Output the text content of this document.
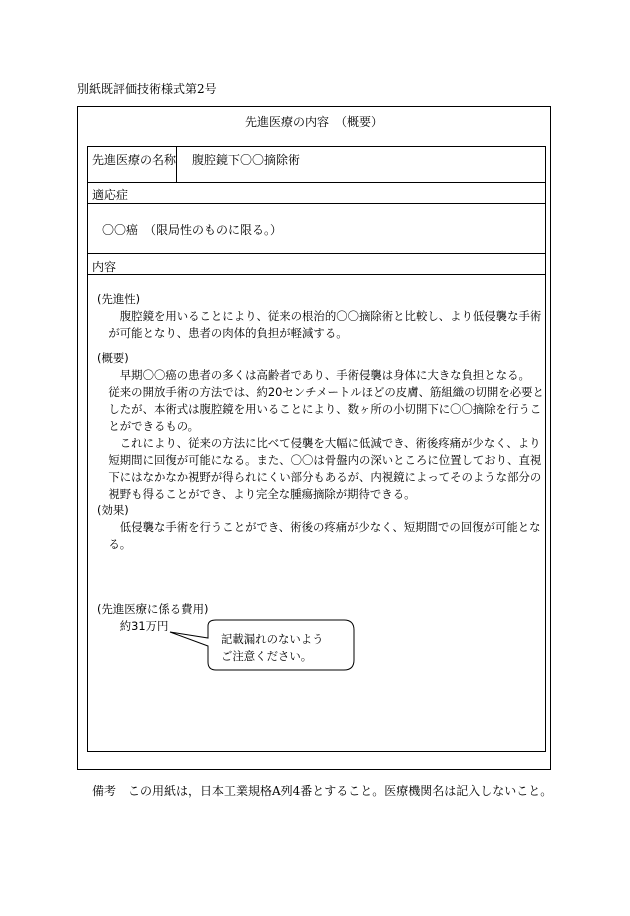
別紙既評価技術様式第2号
先進医療の内容　（概要）
先進医療の名称 腹腔鏡下〇〇摘除術
適応症
〇〇癌　（限局性のものに限る。）
内容

(先進性)

腹腔鏡を用いることにより、従来の根治的〇〇摘除術と比較し、より低侵襲な手術が可能となり、患者の肉体的負担が軽減する。

(概要)

早期〇〇癌の患者の多くは高齢者であり、手術侵襲は身体に大きな負担となる。

従来の開放手術の方法では、約20センチメートルほどの皮膚、筋組織の切開を必要としたが、本術式は腹腔鏡を用いることにより、数ヶ所の小切開下に〇〇摘除を行うことができるもの。

これにより、従来の方法に比べて侵襲を大幅に低減でき、術後疼痛が少なく、より短期間に回復が可能になる。また、〇〇は骨盤内の深いところに位置しており、直視下にはなかなか視野が得られにくい部分もあるが、内視鏡によってそのような部分の視野も得ることができ、より完全な腫瘍摘除が期待できる。

(効果)

低侵襲な手術を行うことができ、術後の疼痛が少なく、短期間での回復が可能となる。

(先進医療に係る費用)

約31万円

記載漏れのないよう
ご注意ください。
備考　この用紙は，日本工業規格A列4番とすること。医療機関名は記入しないこと。
